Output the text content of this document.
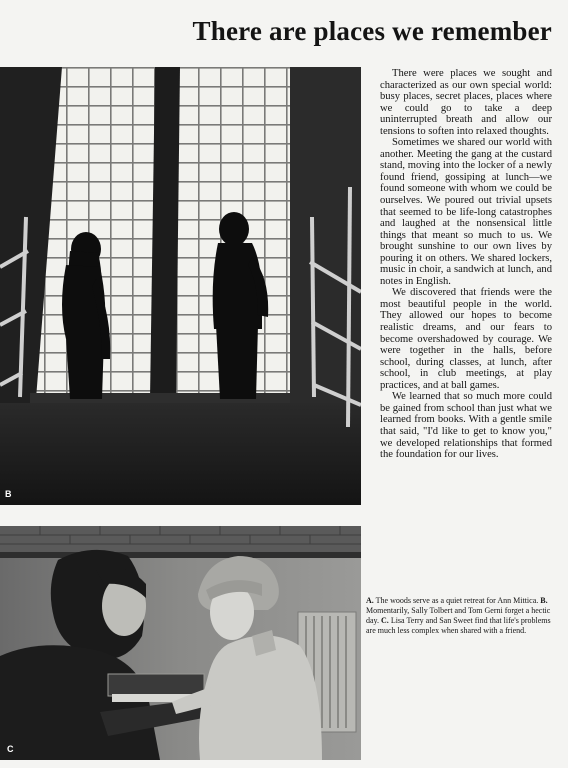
There are places we remember
B
C

There were places we sought and characterized as our own special world: busy places, secret places, places where we could go to take a deep uninterrupted breath and allow our tensions to soften into relaxed thoughts.

Sometimes we shared our world with another. Meeting the gang at the custard stand, moving into the locker of a newly found friend, gossiping at lunch—we found someone with whom we could be ourselves. We poured out trivial upsets that seemed to be life-long catastrophes and laughed at the nonsensical little things that meant so much to us. We brought sunshine to our own lives by pouring it on others. We shared lockers, music in choir, a sandwich at lunch, and notes in English.

We discovered that friends were the most beautiful people in the world. They allowed our hopes to become realistic dreams, and our fears to become overshadowed by courage. We were together in the halls, before school, during classes, at lunch, after school, in club meetings, at play practices, and at ball games.

We learned that so much more could be gained from school than just what we learned from books. With a gentle smile that said, "I'd like to get to know you," we developed relationships that formed the foundation for our lives.

A. The woods serve as a quiet retreat for Ann Mittica. B. Momentarily, Sally Tolbert and Tom Gerni forget a hectic day. C. Lisa Terry and San Sweet find that life's problems are much less complex when shared with a friend.
